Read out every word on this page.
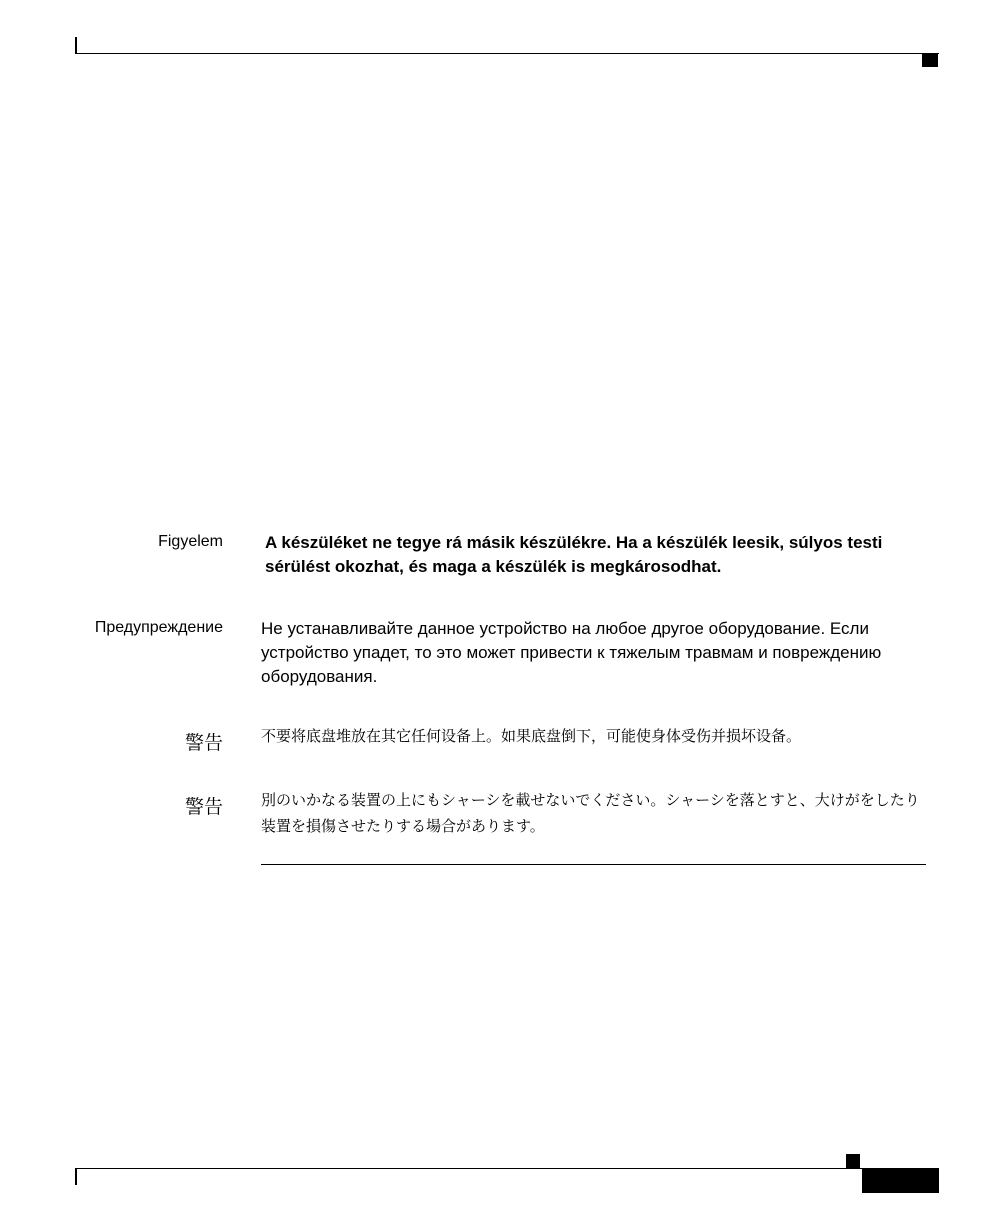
Figyelem A készüléket ne tegye rá másik készülékre. Ha a készülék leesik, súlyos testi sérülést okozhat, és maga a készülék is megkárosodhat.
Предупреждение Не устанавливайте данное устройство на любое другое оборудование. Если устройство упадет, то это может привести к тяжелым травмам и повреждению оборудования.
警告	不要将底盘堆放在其它任何设备上。如果底盘倒下，可能使身体受伤并损坏设备。
警告	別のいかなる装置の上にもシャーシを載せないでください。シャーシを落とすと、大けがをしたり装置を損傷させたりする場合があります。
